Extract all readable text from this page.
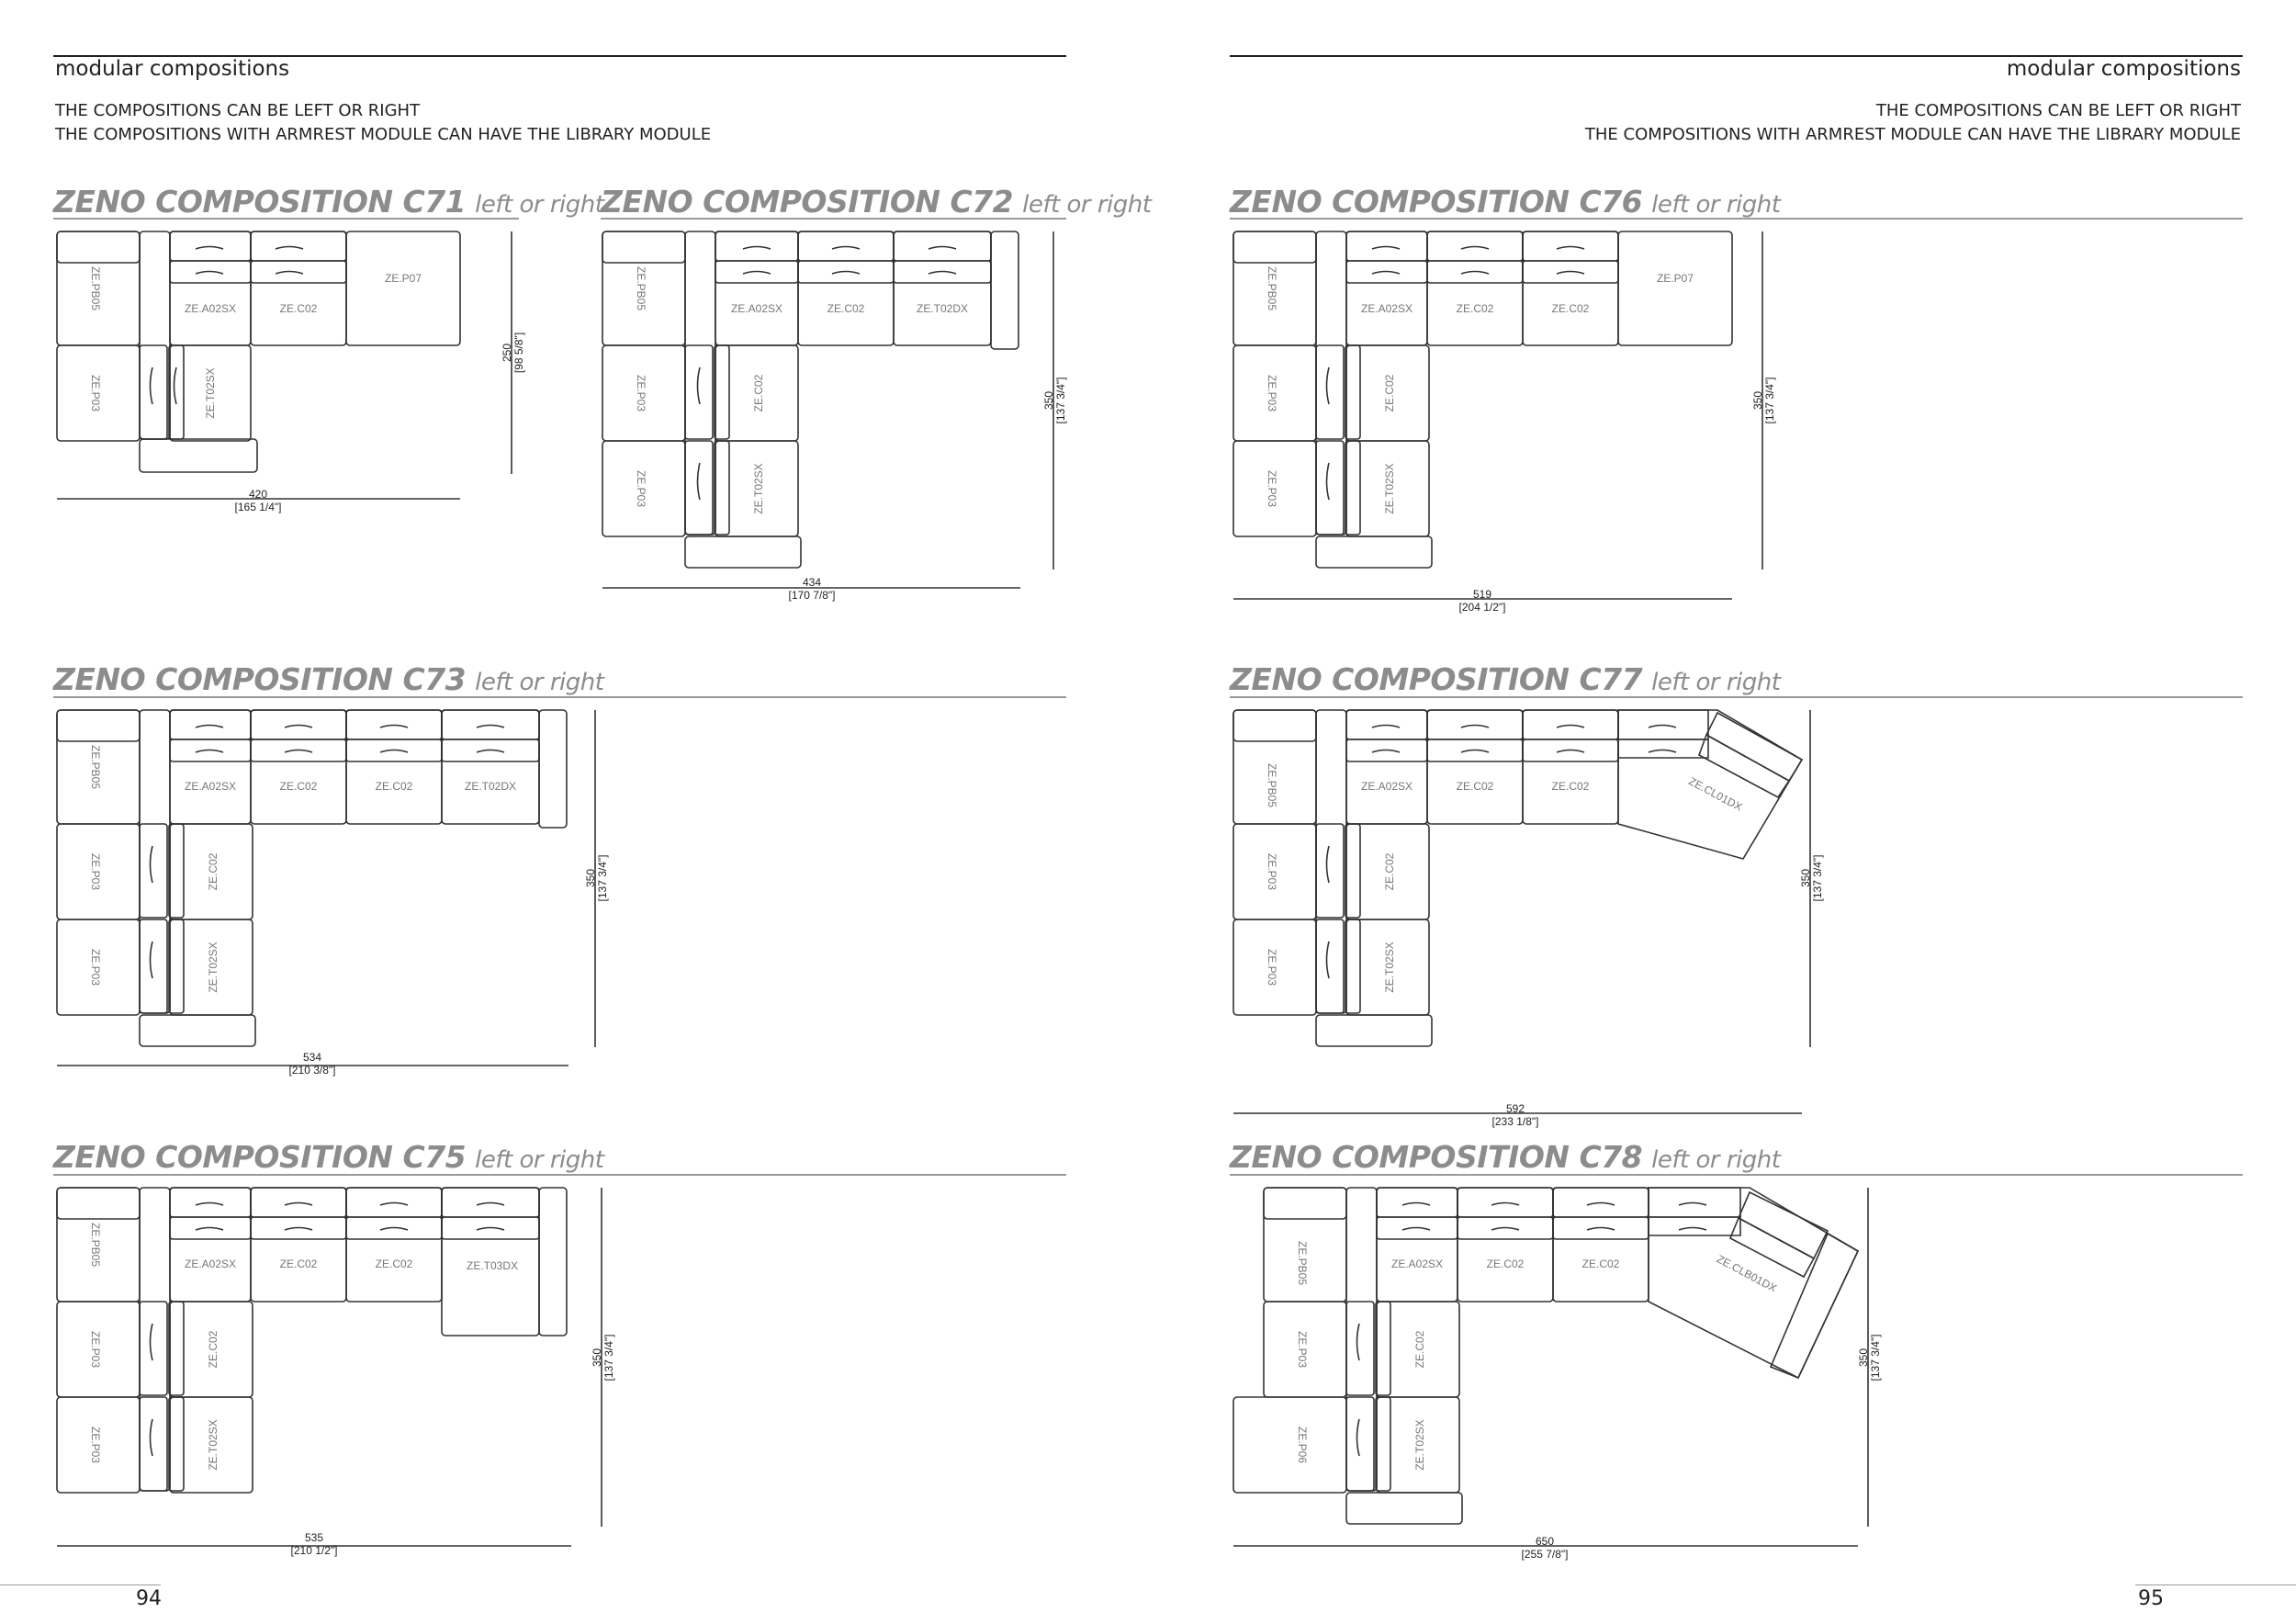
modular compositions
THE COMPOSITIONS CAN BE LEFT OR RIGHT
THE COMPOSITIONS WITH ARMREST MODULE CAN HAVE THE LIBRARY MODULE
ZENO COMPOSITION C71 left or right
ZENO COMPOSITION C72 left or right
ZENO COMPOSITION C73 left or right
ZENO COMPOSITION C75 left or right
94
modular compositions
THE COMPOSITIONS CAN BE LEFT OR RIGHT
THE COMPOSITIONS WITH ARMREST MODULE CAN HAVE THE LIBRARY MODULE
ZENO COMPOSITION C76 left or right
ZENO COMPOSITION C77 left or right
ZENO COMPOSITION C78 left or right
95
ZE.PB05	ZE.A02SX	ZE.C02
ZE.P07
ZE.P03	ZE.T02SX
420
[165 1/4"]
250 [98 5/8"]
ZE.PB05	ZE.A02SX	ZE.C02	ZE.T02DX
ZE.P03	ZE.C02
ZE.P03	ZE.T02SX
434
[170 7/8"]
350 [137 3/4"]
ZE.PB05	ZE.A02SX	ZE.C02	ZE.C02	ZE.T02DX
ZE.P03	ZE.C02
ZE.P03	ZE.T02SX
534
[210 3/8"]
350 [137 3/4"]
ZE.PB05	ZE.A02SX	ZE.C02	ZE.C02	ZE.T03DX
ZE.P03	ZE.C02
ZE.P03	ZE.T02SX
535
[210 1/2"]
350 [137 3/4"]
ZE.PB05	ZE.A02SX	ZE.C02	ZE.C02
ZE.P07
ZE.P03	ZE.C02
ZE.P03	ZE.T02SX
519
[204 1/2"]
350 [137 3/4"]
ZE.PB05	ZE.A02SX	ZE.C02	ZE.C02	ZE.CL01DX
ZE.P03	ZE.C02
ZE.P03	ZE.T02SX
592
[233 1/8"]
350 [137 3/4"]
ZE.PB05	ZE.A02SX	ZE.C02	ZE.C02	ZE.CLB01DX
ZE.P03	ZE.C02
ZE.P06	ZE.T02SX
650
[255 7/8"]
350 [137 3/4"]
